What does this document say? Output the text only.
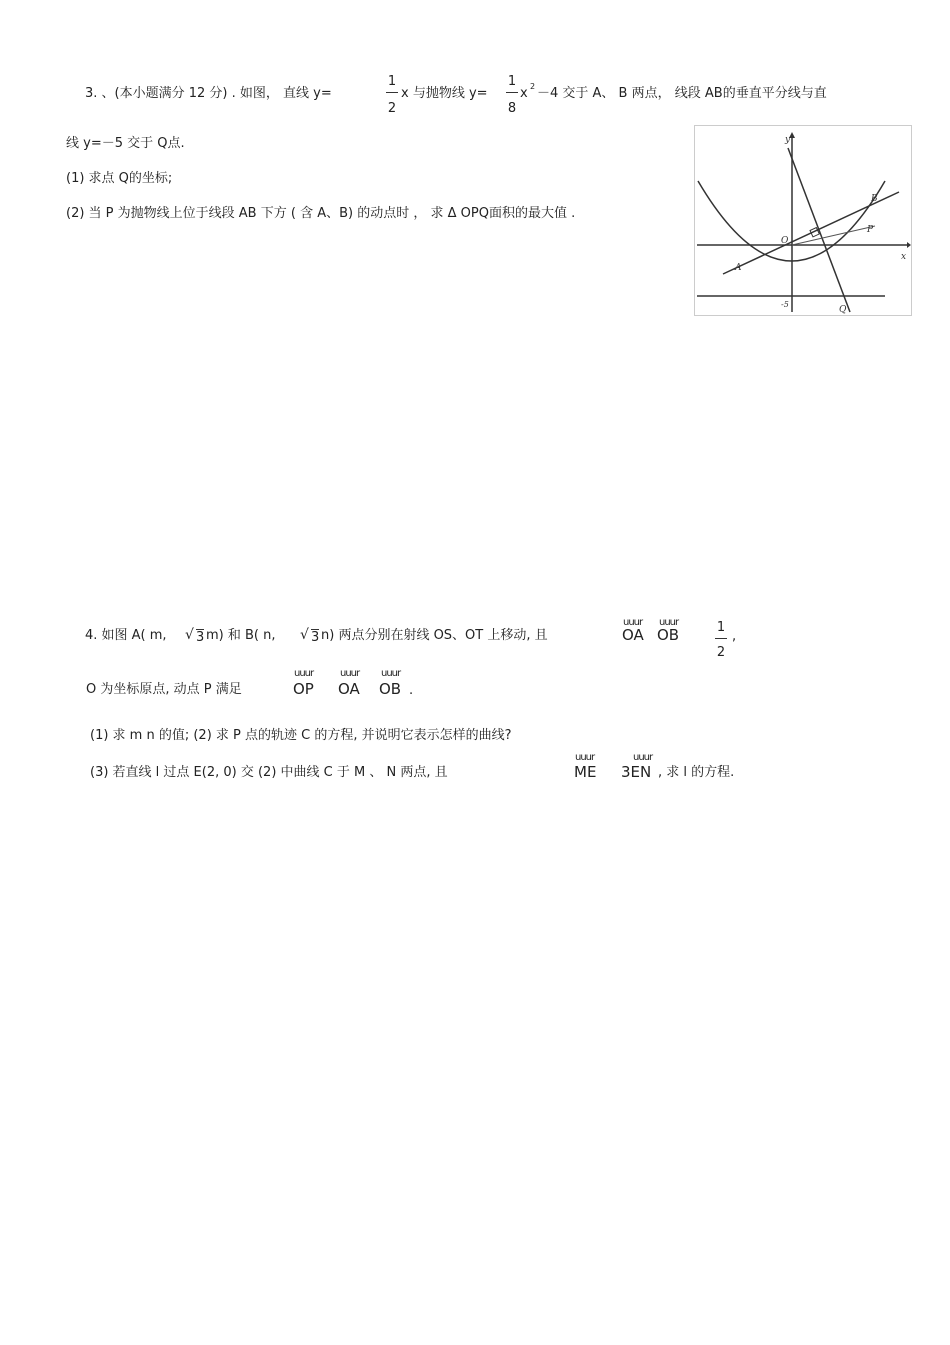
3. 、(本小题满分 12 分) . 如图， 直线 y=
1
2
x 与抛物线 y=
1
8
x 2 －4 交于 A、 B 两点， 线段 AB的垂直平分线与直
线 y=－5 交于 Q点.
(1) 求点 Q的坐标;
(2) 当 P 为抛物线上位于线段 AB 下方 ( 含 A、B) 的动点时 ， 求 Δ OPQ面积的最大值 .
y
x
O
A
B
P
Q
-5
4. 如图 A( m, √ 3 m) 和 B( n, √ 3 n) 两点分别在射线 OS、OT 上移动, 且
uuur
OA
uuur
OB	1
2
,
O 为坐标原点, 动点 P 满足
uuur
OP
uuur
OA
uuur
OB .
(1) 求 m n 的值; (2) 求 P 点的轨迹 C 的方程, 并说明它表示怎样的曲线?
(3) 若直线 l 过点 E(2, 0) 交 (2) 中曲线 C 于 M 、 N 两点, 且
uuur
ME
uuur
3EN , 求 l 的方程.
